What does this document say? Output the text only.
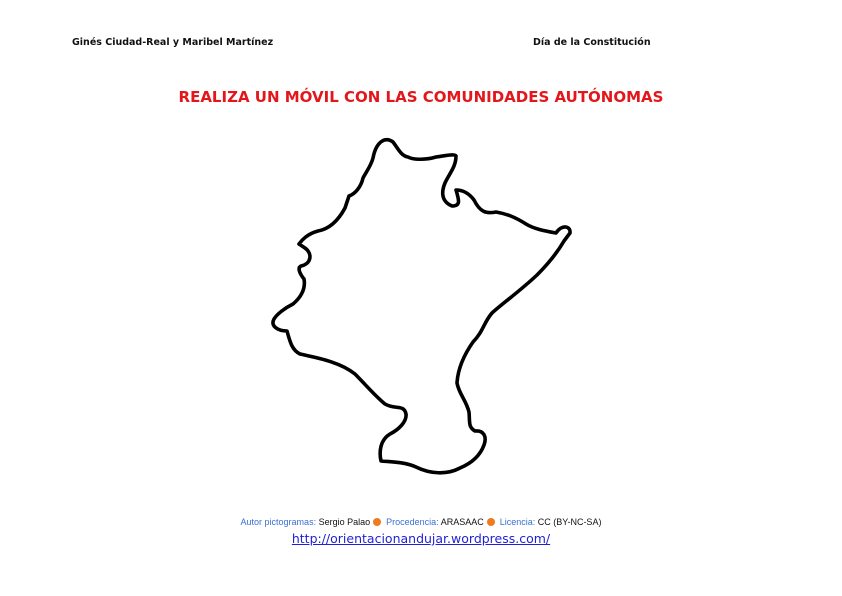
Ginés Ciudad-Real y Maribel Martínez	Día de la Constitución
REALIZA UN MÓVIL CON LAS COMUNIDADES AUTÓNOMAS
Autor pictogramas: Sergio Palao Procedencia: ARASAAC Licencia: CC (BY-NC-SA)
http://orientacionandujar.wordpress.com/
